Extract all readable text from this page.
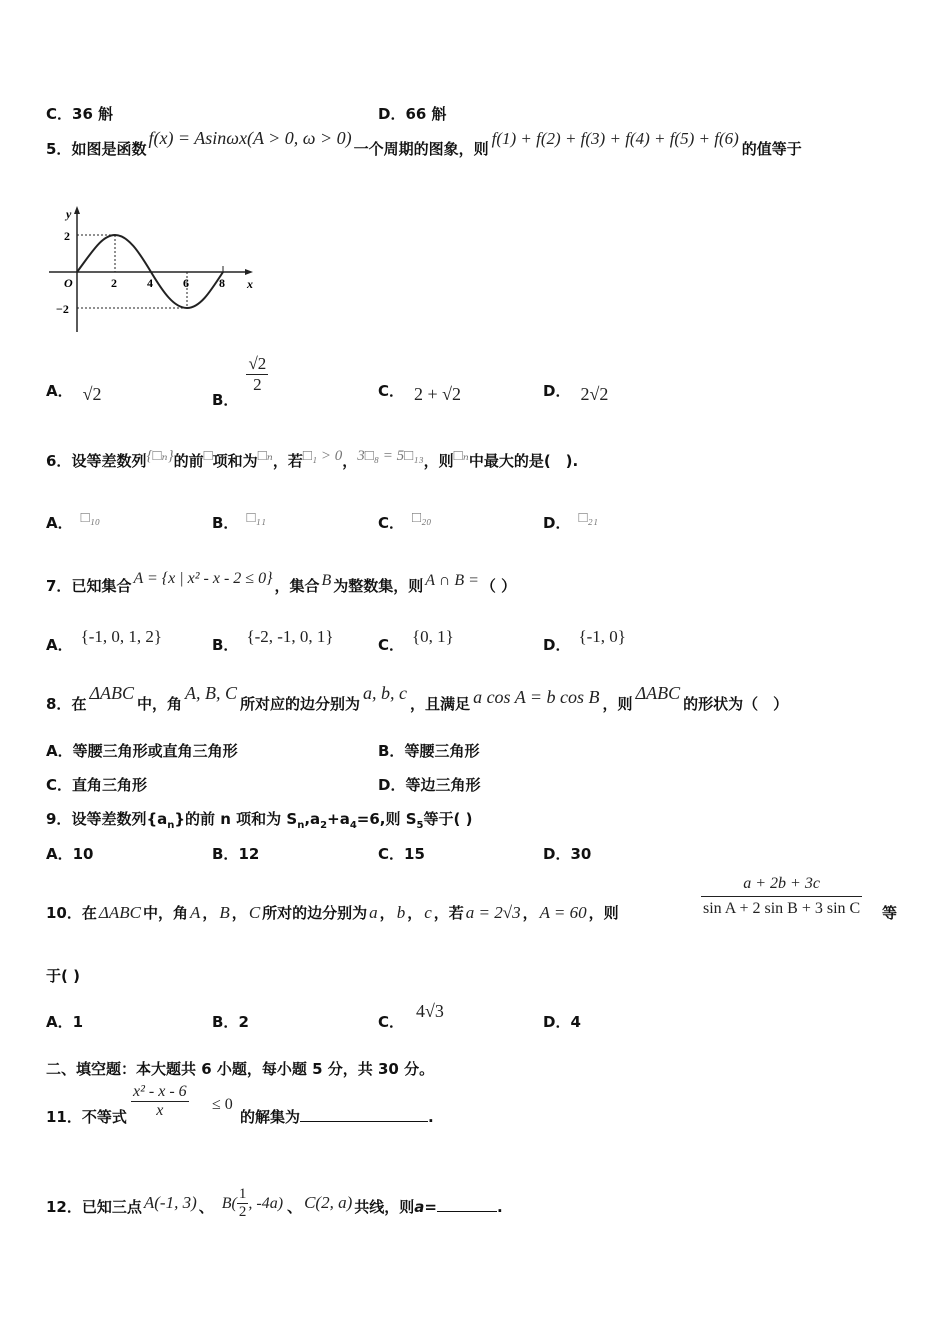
C．36 斛	D．66 斛
5．如图是函数f(x) = Asinωx(A > 0, ω > 0)一个周期的图象，则f(1) + f(2) + f(3) + f(4) + f(5) + f(6)的值等于
y
x
O
2
−2
2	4	6	8
A． √2	B．
$\frac{√2}{2}$	C． 2 + √2	D． 2√2
6．设等差数列{□ₙ}的前□项和为□ₙ，若□₁ > 0，3□₈ = 5□₁₃，则□ₙ中最大的是(　).
A． □₁₀	B． □₁₁	C． □₂₀	D． □₂₁
7．已知集合 A = {x | x² - x - 2 ≤ 0} ，集合 B 为整数集，则 A ∩ B = （ ）
A． {-1, 0, 1, 2}	B． {-2, -1, 0, 1}	C． {0, 1}	D． {-1, 0}
8．在ΔABC中，角A, B, C所对应的边分别为a, b, c，且满足 a cos A = b cos B ，则ΔABC的形状为（　）
A．等腰三角形或直角三角形	B．等腰三角形
C．直角三角形	D．等边三角形
9．设等差数列$\{a_n\}$的前 n 项和为 $S_n,a_2+a_4=6$,则 $S_5$等于( )
A．10	B．12	C．15	D．30
10．在 ΔABC 中，角 A ， B ， C 所对的边分别为 a ， b ， c ，若 a = 2√3 ， A = 60 ，则	$\frac{a + 2b + 3c}{\text{sin A + 2 sin B + 3 sin C}}$ 等
于( )
A．1	B．2	C．4√3
D．4
二、填空题：本大题共 6 小题，每小题 5 分，共 30 分。
11．不等式 $\frac{\text{x² - x - 6}}{x} \le 0$
的解集为	.
12．已知三点 A(-1, 3) 、 $B( \frac{1}{2}$ , -4a) 、 C(2, a) 共线，则a=	.
